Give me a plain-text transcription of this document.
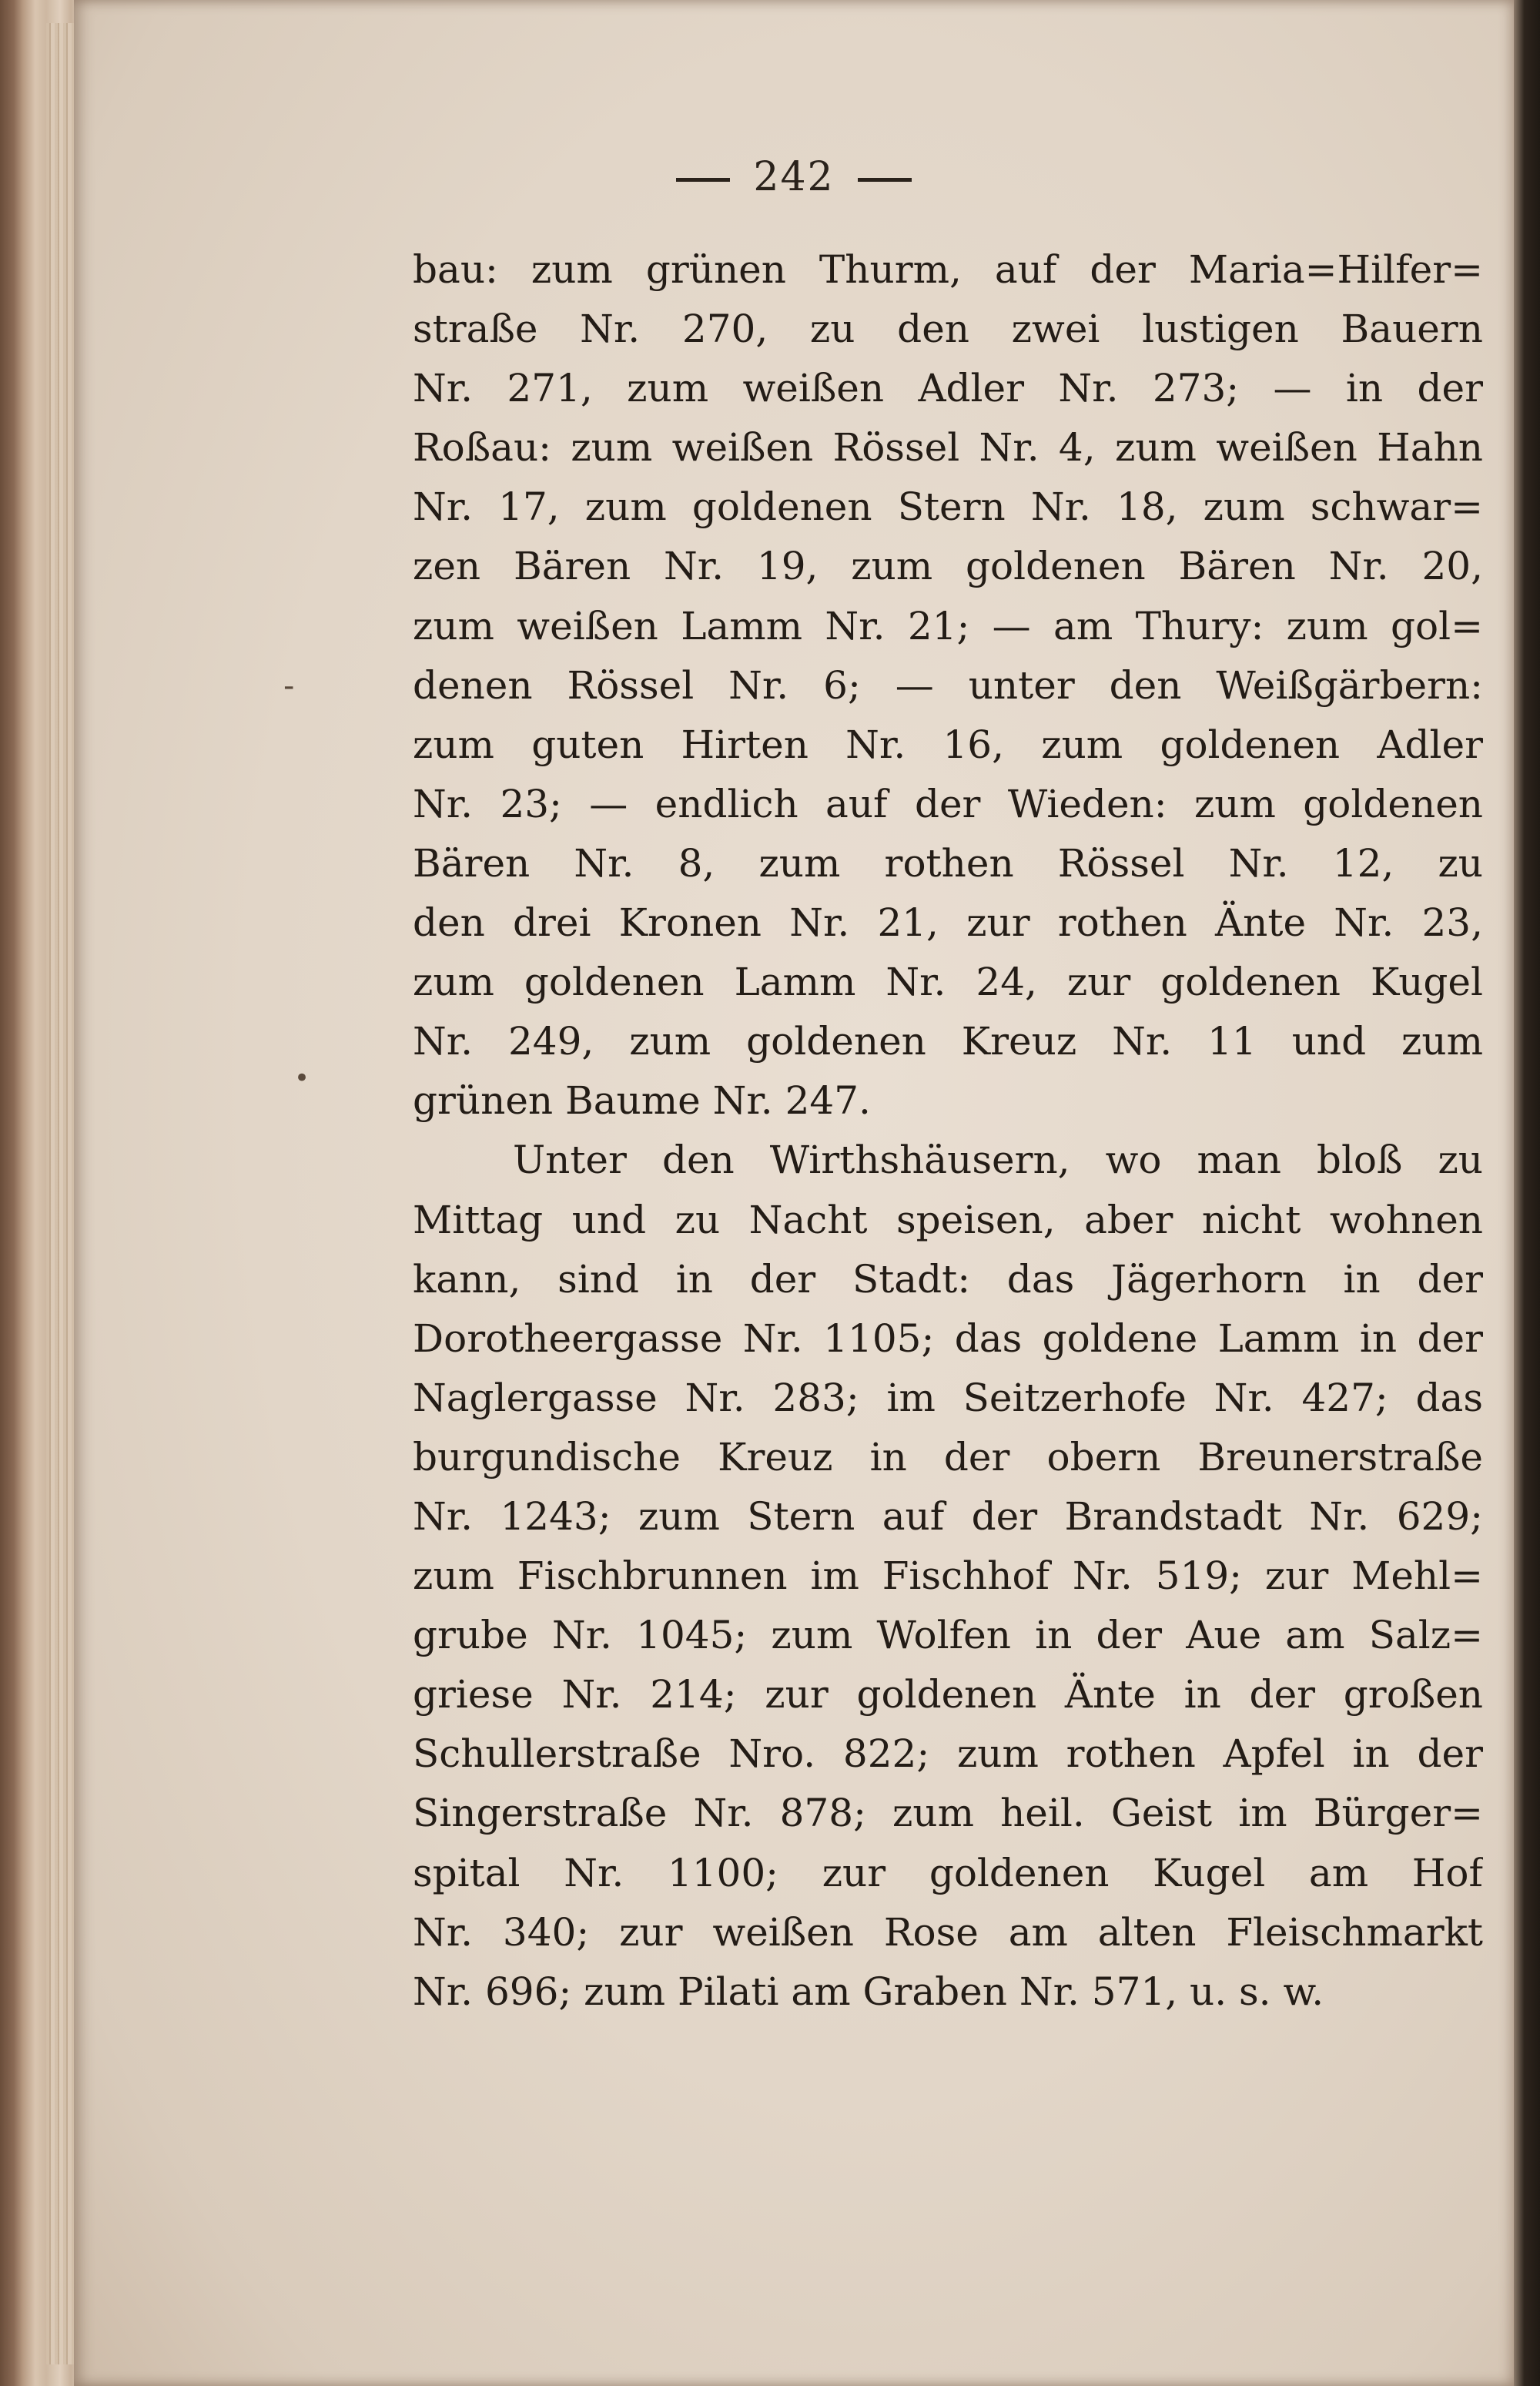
242
bau: zum grünen Thurm, auf der Maria=Hilfer=
straße Nr. 270, zu den zwei lustigen Bauern
Nr. 271, zum weißen Adler Nr. 273; — in der
Roßau: zum weißen Rössel Nr. 4, zum weißen Hahn
Nr. 17, zum goldenen Stern Nr. 18, zum schwar=
zen Bären Nr. 19, zum goldenen Bären Nr. 20,
zum weißen Lamm Nr. 21; — am Thury: zum gol=
denen Rössel Nr. 6; — unter den Weißgärbern:
zum guten Hirten Nr. 16, zum goldenen Adler
Nr. 23; — endlich auf der Wieden: zum goldenen
Bären Nr. 8, zum rothen Rössel Nr. 12, zu
den drei Kronen Nr. 21, zur rothen Änte Nr. 23,
zum goldenen Lamm Nr. 24, zur goldenen Kugel
Nr. 249, zum goldenen Kreuz Nr. 11 und zum
grünen Baume Nr. 247.
Unter den Wirthshäusern, wo man bloß zu
Mittag und zu Nacht speisen, aber nicht wohnen
kann, sind in der Stadt: das Jägerhorn in der
Dorotheergasse Nr. 1105; das goldene Lamm in der
Naglergasse Nr. 283; im Seitzerhofe Nr. 427; das
burgundische Kreuz in der obern Breunerstraße
Nr. 1243; zum Stern auf der Brandstadt Nr. 629;
zum Fischbrunnen im Fischhof Nr. 519; zur Mehl=
grube Nr. 1045; zum Wolfen in der Aue am Salz=
griese Nr. 214; zur goldenen Änte in der großen
Schullerstraße Nro. 822; zum rothen Apfel in der
Singerstraße Nr. 878; zum heil. Geist im Bürger=
spital Nr. 1100; zur goldenen Kugel am Hof
Nr. 340; zur weißen Rose am alten Fleischmarkt
Nr. 696; zum Pilati am Graben Nr. 571, u. s. w.
-
•
